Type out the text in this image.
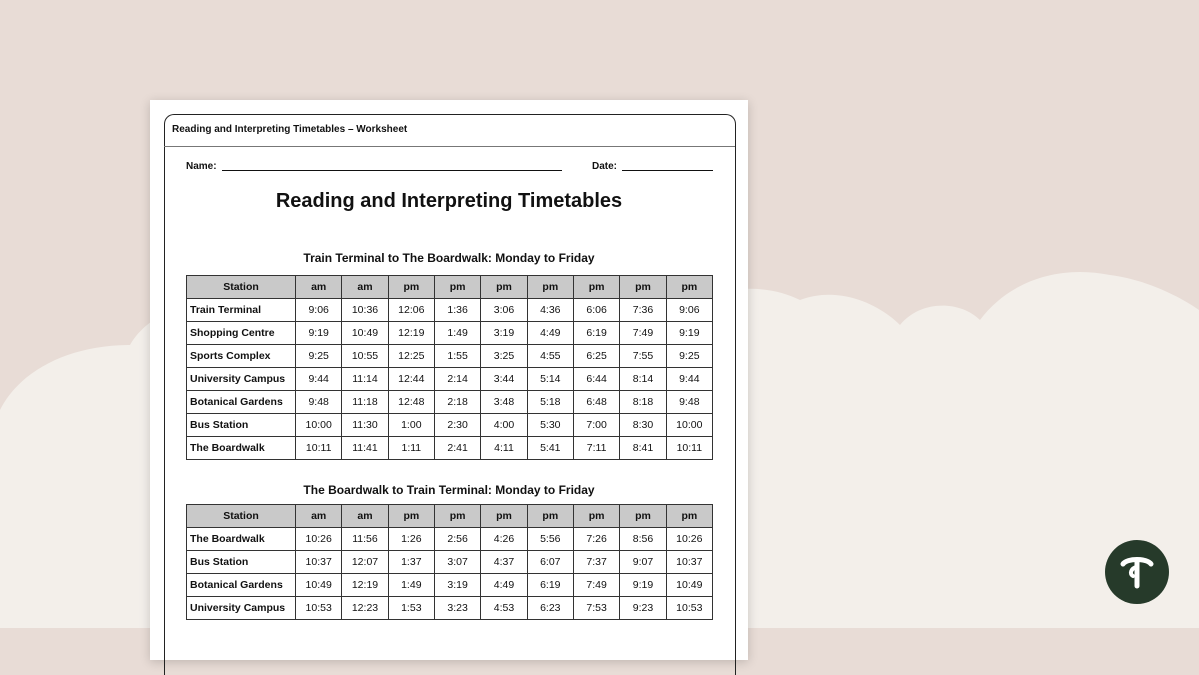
Reading and Interpreting Timetables – Worksheet
Name:	Date:
Reading and Interpreting Timetables
Train Terminal to The Boardwalk: Monday to Friday
Station	am	am	pm	pm	pm	pm	pm	pm	pm
Train Terminal	9:06	10:36	12:06	1:36	3:06	4:36	6:06	7:36	9:06
Shopping Centre	9:19	10:49	12:19	1:49	3:19	4:49	6:19	7:49	9:19
Sports Complex	9:25	10:55	12:25	1:55	3:25	4:55	6:25	7:55	9:25
University Campus	9:44	11:14	12:44	2:14	3:44	5:14	6:44	8:14	9:44
Botanical Gardens	9:48	11:18	12:48	2:18	3:48	5:18	6:48	8:18	9:48
Bus Station	10:00	11:30	1:00	2:30	4:00	5:30	7:00	8:30	10:00
The Boardwalk	10:11	11:41	1:11	2:41	4:11	5:41	7:11	8:41	10:11
The Boardwalk to Train Terminal: Monday to Friday
Station	am	am	pm	pm	pm	pm	pm	pm	pm
The Boardwalk	10:26	11:56	1:26	2:56	4:26	5:56	7:26	8:56	10:26
Bus Station	10:37	12:07	1:37	3:07	4:37	6:07	7:37	9:07	10:37
Botanical Gardens	10:49	12:19	1:49	3:19	4:49	6:19	7:49	9:19	10:49
University Campus	10:53	12:23	1:53	3:23	4:53	6:23	7:53	9:23	10:53
